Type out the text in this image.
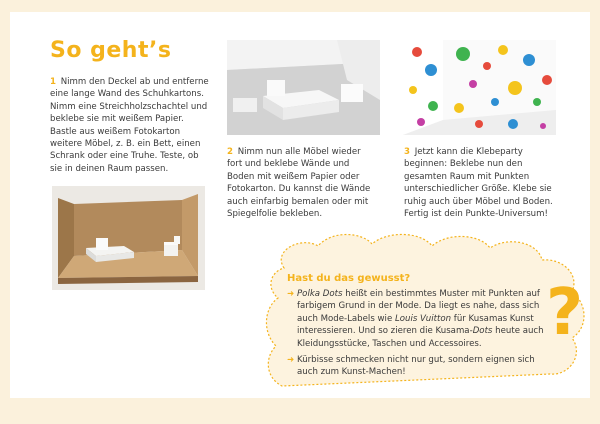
So geht’s

1 Nimm den Deckel ab und entferne eine lange Wand des Schuhkartons. Nimm eine Streichholzschachtel und beklebe sie mit weißem Papier. Bastle aus weißem Fotokarton weitere Möbel, z. B. ein Bett, einen Schrank oder eine Truhe. Teste, ob sie in deinen Raum passen.

2 Nimm nun alle Möbel wieder fort und beklebe Wände und Boden mit weißem Papier oder Fotokarton. Du kannst die Wände auch einfarbig bemalen oder mit Spiegelfolie bekleben.

3 Jetzt kann die Klebeparty beginnen: Beklebe nun den gesamten Raum mit Punkten unterschiedlicher Größe. Klebe sie ruhig auch über Möbel und Boden. Fertig ist dein Punkte-Universum!

Hast du das gewusst?

➜ Polka Dots heißt ein bestimmtes Muster mit Punkten auf farbigem Grund in der Mode. Da liegt es nahe, dass sich auch Mode-Labels wie Louis Vuitton für Kusamas Kunst interessieren. Und so zieren die Kusama-Dots heute auch Kleidungsstücke, Taschen und Accessoires.

➜ Kürbisse schmecken nicht nur gut, sondern eignen sich auch zum Kunst-Machen!

?
